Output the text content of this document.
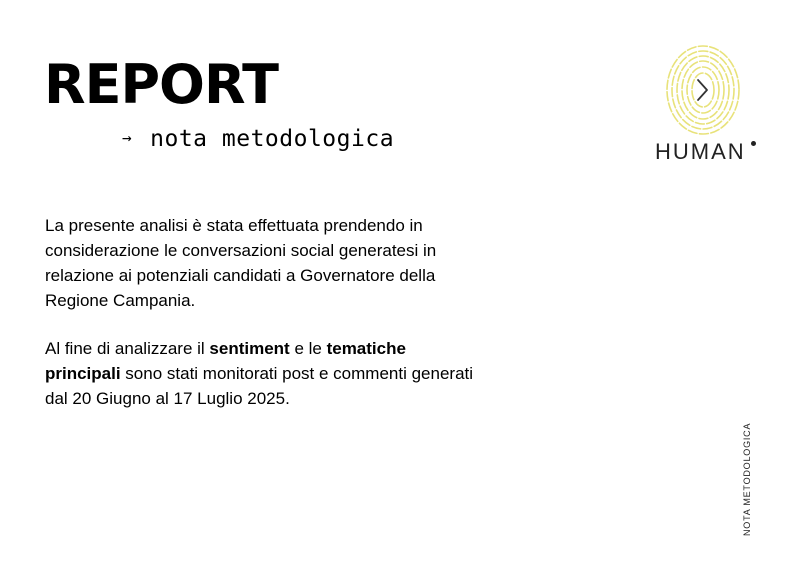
REPORT
→ nota metodologica

La presente analisi è stata effettuata prendendo in considerazione le conversazioni social generatesi in relazione ai potenziali candidati a Governatore della Regione Campania.

Al fine di analizzare il sentiment e le tematiche principali sono stati monitorati post e commenti generati dal 20 Giugno al 17 Luglio 2025.

HUMAN
NOTA METODOLOGICA
